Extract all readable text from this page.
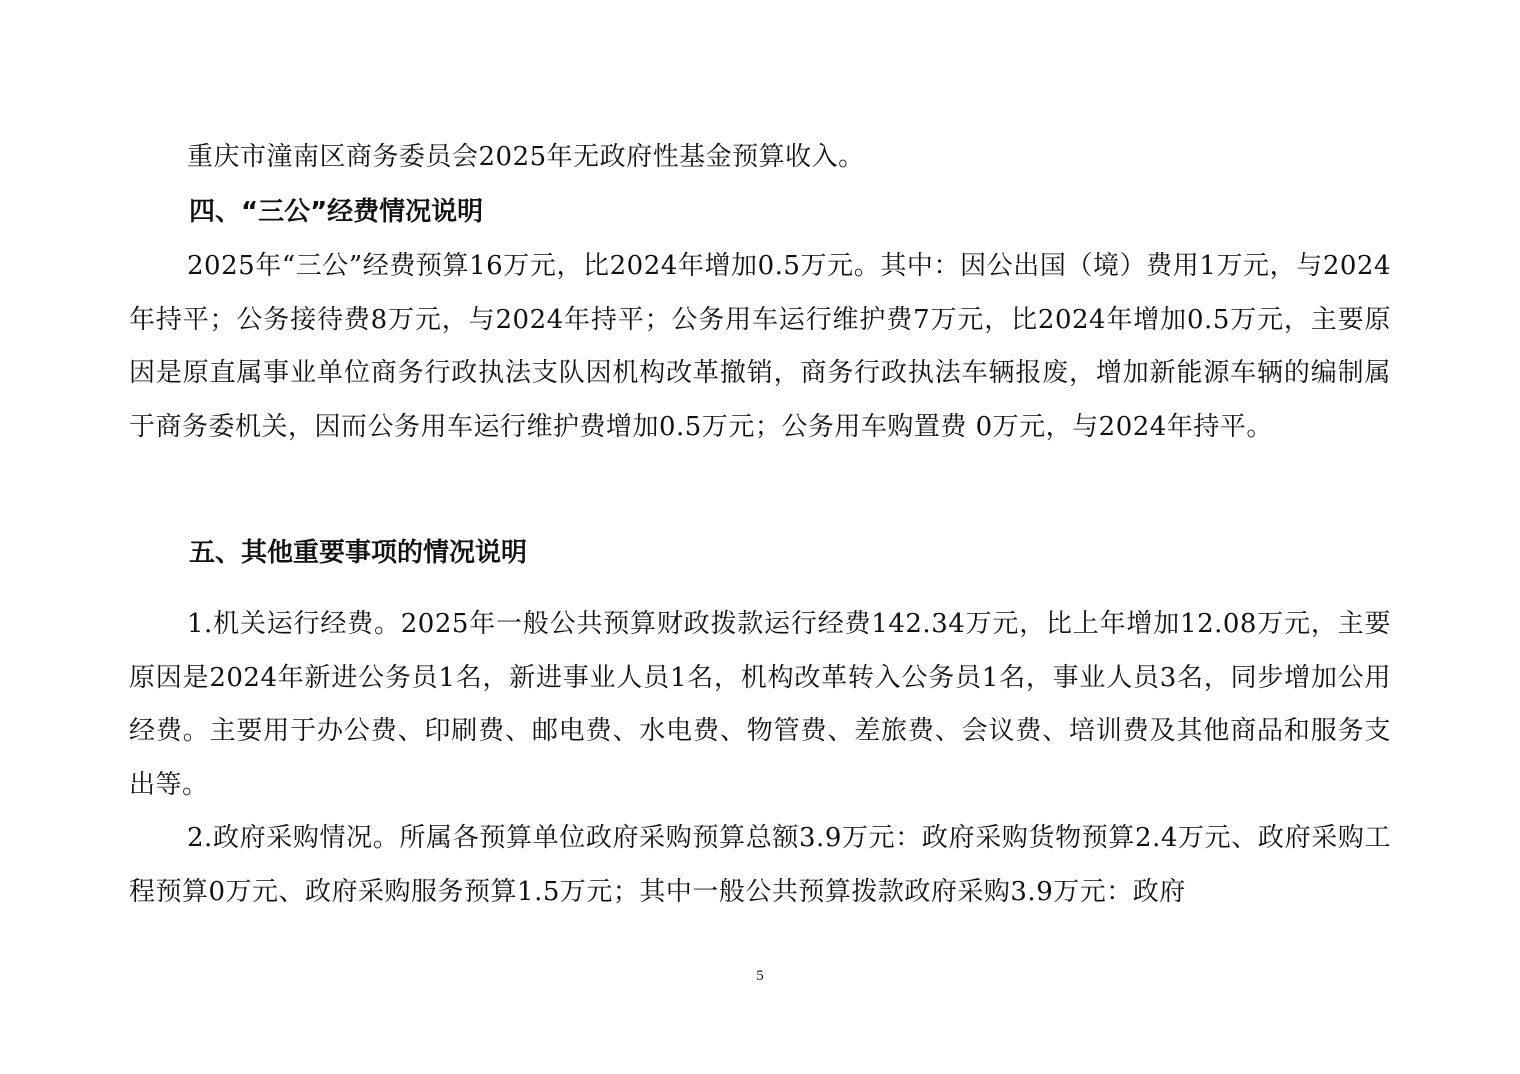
重庆市潼南区商务委员会2025年无政府性基金预算收入。

四、“三公”经费情况说明

2025年“三公”经费预算16万元，比2024年增加0.5万元。其中：因公出国（境）费用1万元，与2024年持平；公务接待费8万元，与2024年持平；公务用车运行维护费7万元，比2024年增加0.5万元，主要原因是原直属事业单位商务行政执法支队因机构改革撤销，商务行政执法车辆报废，增加新能源车辆的编制属于商务委机关，因而公务用车运行维护费增加0.5万元；公务用车购置费 0万元，与2024年持平。

五、其他重要事项的情况说明

1.机关运行经费。2025年一般公共预算财政拨款运行经费142.34万元，比上年增加12.08万元，主要原因是2024年新进公务员1名，新进事业人员1名，机构改革转入公务员1名，事业人员3名，同步增加公用经费。主要用于办公费、印刷费、邮电费、水电费、物管费、差旅费、会议费、培训费及其他商品和服务支出等。

2.政府采购情况。所属各预算单位政府采购预算总额3.9万元：政府采购货物预算2.4万元、政府采购工程预算0万元、政府采购服务预算1.5万元；其中一般公共预算拨款政府采购3.9万元：政府

5
